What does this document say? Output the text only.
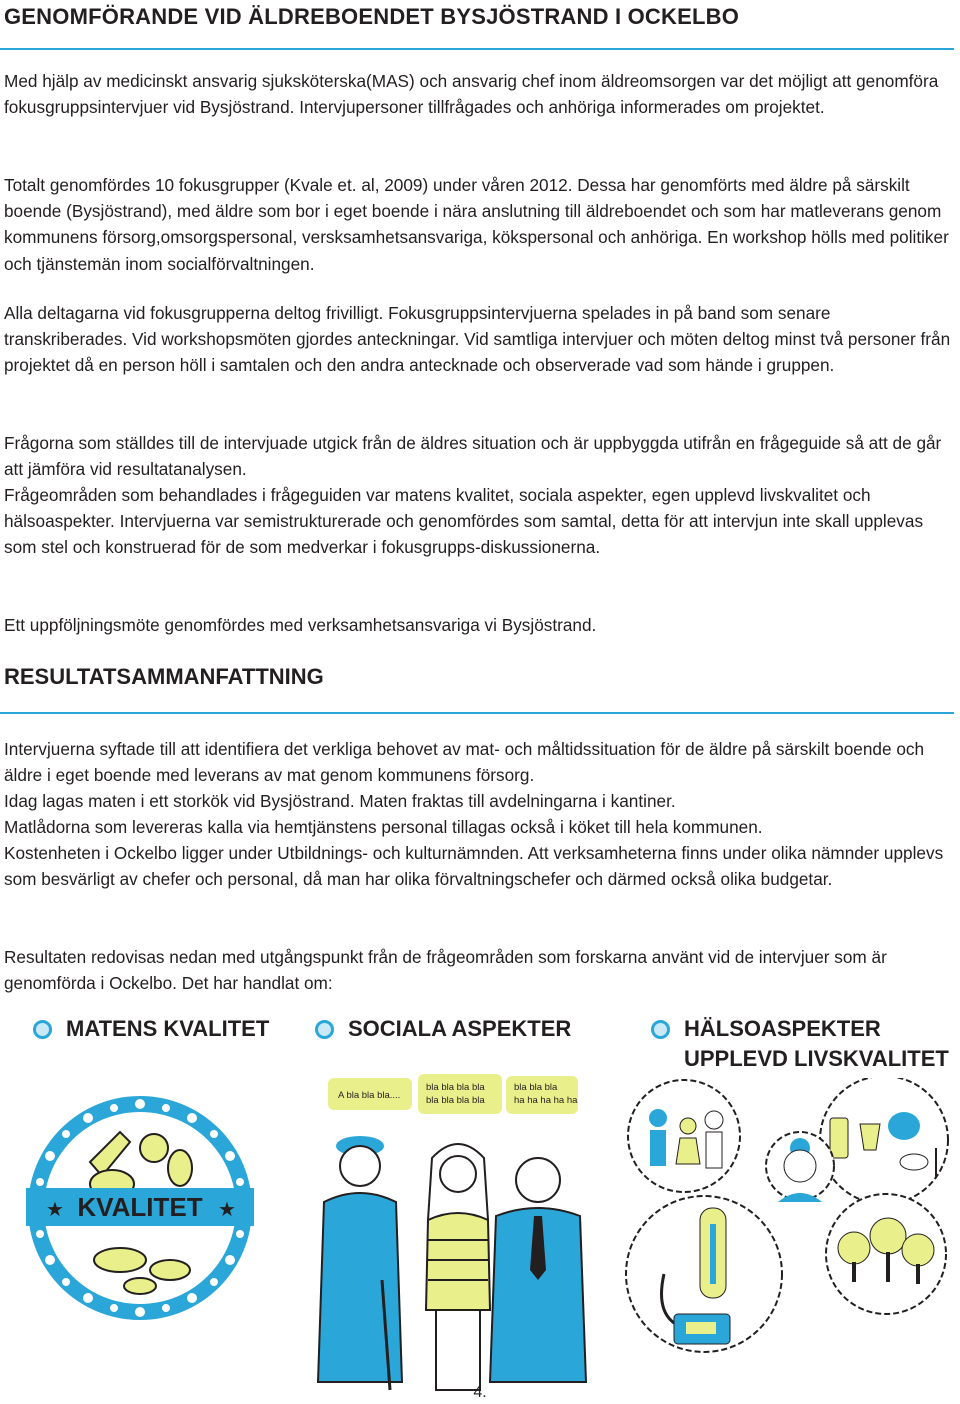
GENOMFÖRANDE VID ÄLDREBOENDET BYSJÖSTRAND I OCKELBO

Med hjälp av medicinskt ansvarig sjuksköterska(MAS) och ansvarig chef inom äldreomsorgen var det möjligt att genomföra fokusgruppsintervjuer vid Bysjöstrand. Intervjupersoner tillfrågades och anhöriga informerades om projektet.

Totalt genomfördes 10 fokusgrupper (Kvale et. al, 2009) under våren 2012. Dessa har genomförts med äldre på särskilt boende (Bysjöstrand), med äldre som bor i eget boende i nära anslutning till äldreboendet och som har matleverans genom kommunens försorg,omsorgspersonal, versksamhetsansvariga, kökspersonal och anhöriga. En workshop hölls med politiker och tjänstemän inom socialförvaltningen.

Alla deltagarna vid fokusgrupperna deltog frivilligt. Fokusgruppsintervjuerna spelades in på band som senare transkriberades. Vid workshopsmöten gjordes anteckningar. Vid samtliga intervjuer och möten deltog minst två personer från projektet då en person höll i samtalen och den andra antecknade och observerade vad som hände i gruppen.

Frågorna som ställdes till de intervjuade utgick från de äldres situation och är uppbyggda utifrån en frågeguide så att de går att jämföra vid resultatanalysen.

Frågeområden som behandlades i frågeguiden var matens kvalitet, sociala aspekter, egen upplevd livskvalitet och hälsoaspekter. Intervjuerna var semistrukturerade och genomfördes som samtal, detta för att intervjun inte skall upplevas som stel och konstruerad för de som medverkar i fokusgrupps-diskussionerna.

Ett uppföljningsmöte genomfördes med verksamhetsansvariga vi Bysjöstrand.

RESULTATSAMMANFATTNING

Intervjuerna syftade till att identifiera det verkliga behovet av mat- och måltidssituation för de äldre på särskilt boende och äldre i eget boende med leverans av mat genom kommunens försorg.

Idag lagas maten i ett storkök vid Bysjöstrand. Maten fraktas till avdelningarna i kantiner.

Matlådorna som levereras kalla via hemtjänstens personal tillagas också i köket till hela kommunen.

Kostenheten i Ockelbo ligger under Utbildnings- och kulturnämnden. Att verksamheterna finns under olika nämnder upplevs som besvärligt av chefer och personal, då man har olika förvaltningschefer och därmed också olika budgetar.

Resultaten redovisas nedan med utgångspunkt från de frågeområden som forskarna använt vid de intervjuer som är genomförda i Ockelbo. Det har handlat om:

MATENS KVALITET	SOCIALA ASPEKTER	HÄLSOASPEKTER
UPPLEVD LIVSKVALITET
KVALITET
★	★
A bla bla bla....
bla bla bla bla
bla bla bla bla
bla bla bla
ha ha ha ha ha
4.
